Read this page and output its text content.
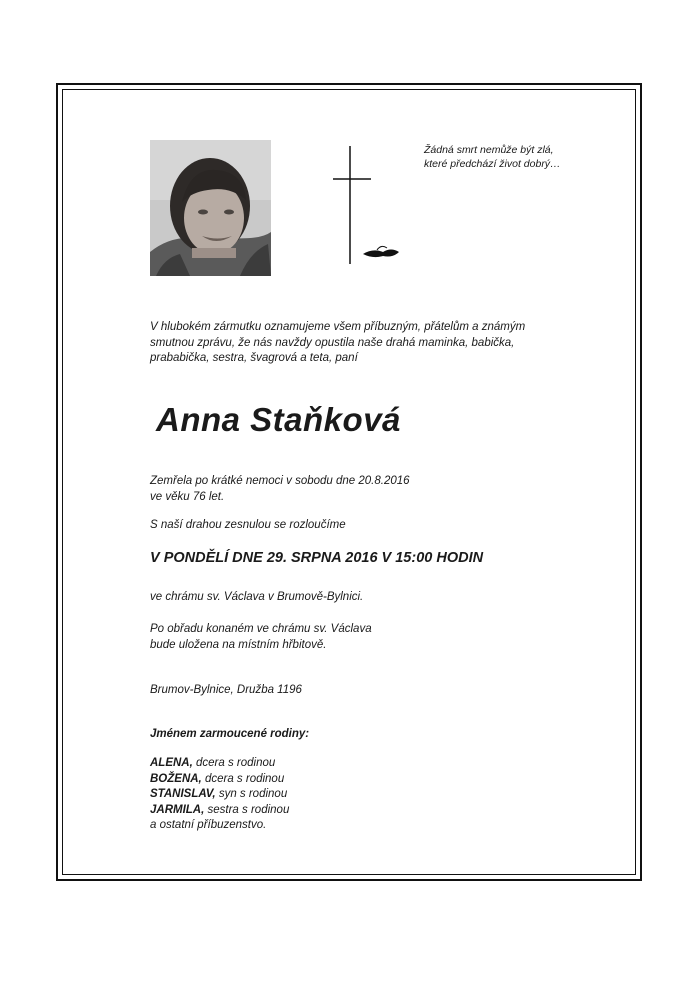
Žádná smrt nemůže být zlá,
které předchází život dobrý…
V hlubokém zármutku oznamujeme všem příbuzným, přátelům a známým
smutnou zprávu, že nás navždy opustila naše drahá maminka, babička,
prababička, sestra, švagrová a teta, paní
Anna Staňková
Zemřela po krátké nemoci v sobodu dne 20.8.2016
ve věku 76 let.
S naší drahou zesnulou se rozloučíme
V PONDĚLÍ DNE 29. SRPNA 2016 V 15:00 HODIN
ve chrámu sv. Václava v Brumově-Bylnici.
Po obřadu konaném ve chrámu sv. Václava
bude uložena na místním hřbitově.
Brumov-Bylnice, Družba 1196
Jménem zarmoucené rodiny:
ALENA, dcera s rodinou
BOŽENA, dcera s rodinou
STANISLAV, syn s rodinou
JARMILA, sestra s rodinou
a ostatní příbuzenstvo.
